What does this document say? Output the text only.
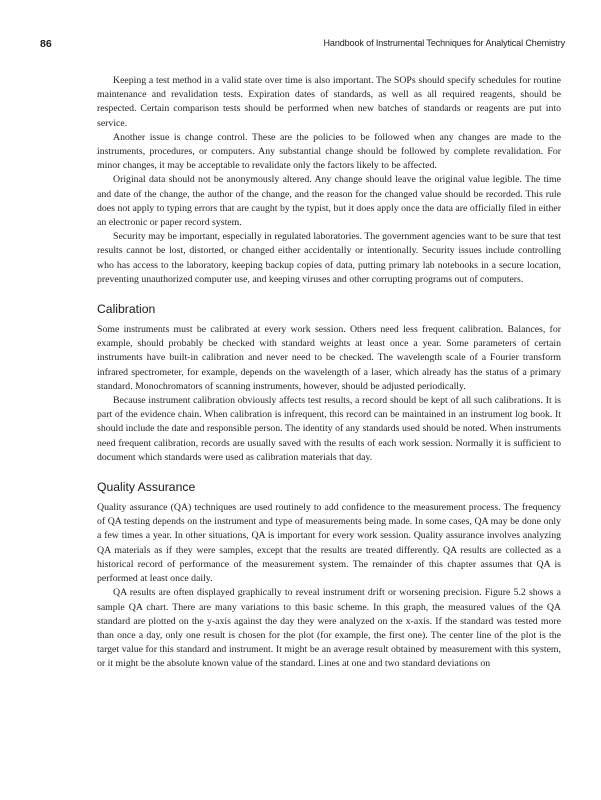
86	Handbook of Instrumental Techniques for Analytical Chemistry

Keeping a test method in a valid state over time is also important. The SOPs should specify schedules for routine maintenance and revalidation tests. Expiration dates of standards, as well as all required reagents, should be respected. Certain comparison tests should be performed when new batches of standards or reagents are put into service.

Another issue is change control. These are the policies to be followed when any changes are made to the instruments, procedures, or computers. Any substantial change should be followed by complete revalidation. For minor changes, it may be acceptable to revalidate only the factors likely to be affected.

Original data should not be anonymously altered. Any change should leave the original value legible. The time and date of the change, the author of the change, and the reason for the changed value should be recorded. This rule does not apply to typing errors that are caught by the typist, but it does apply once the data are officially filed in either an electronic or paper record system.

Security may be important, especially in regulated laboratories. The government agencies want to be sure that test results cannot be lost, distorted, or changed either accidentally or intentionally. Security issues include controlling who has access to the laboratory, keeping backup copies of data, putting primary lab notebooks in a secure location, preventing unauthorized computer use, and keeping viruses and other corrupting programs out of computers.

Calibration

Some instruments must be calibrated at every work session. Others need less frequent calibration. Balances, for example, should probably be checked with standard weights at least once a year. Some parameters of certain instruments have built-in calibration and never need to be checked. The wavelength scale of a Fourier transform infrared spectrometer, for example, depends on the wavelength of a laser, which already has the status of a primary standard. Monochromators of scanning instruments, however, should be adjusted periodically.

Because instrument calibration obviously affects test results, a record should be kept of all such calibrations. It is part of the evidence chain. When calibration is infrequent, this record can be maintained in an instrument log book. It should include the date and responsible person. The identity of any standards used should be noted. When instruments need frequent calibration, records are usually saved with the results of each work session. Normally it is sufficient to document which standards were used as calibration materials that day.

Quality Assurance

Quality assurance (QA) techniques are used routinely to add confidence to the measurement process. The frequency of QA testing depends on the instrument and type of measurements being made. In some cases, QA may be done only a few times a year. In other situations, QA is important for every work session. Quality assurance involves analyzing QA materials as if they were samples, except that the results are treated differently. QA results are collected as a historical record of performance of the measurement system. The remainder of this chapter assumes that QA is performed at least once daily.

QA results are often displayed graphically to reveal instrument drift or worsening precision. Figure 5.2 shows a sample QA chart. There are many variations to this basic scheme. In this graph, the measured values of the QA standard are plotted on the y-axis against the day they were analyzed on the x-axis. If the standard was tested more than once a day, only one result is chosen for the plot (for example, the first one). The center line of the plot is the target value for this standard and instrument. It might be an average result obtained by measurement with this system, or it might be the absolute known value of the standard. Lines at one and two standard deviations on
